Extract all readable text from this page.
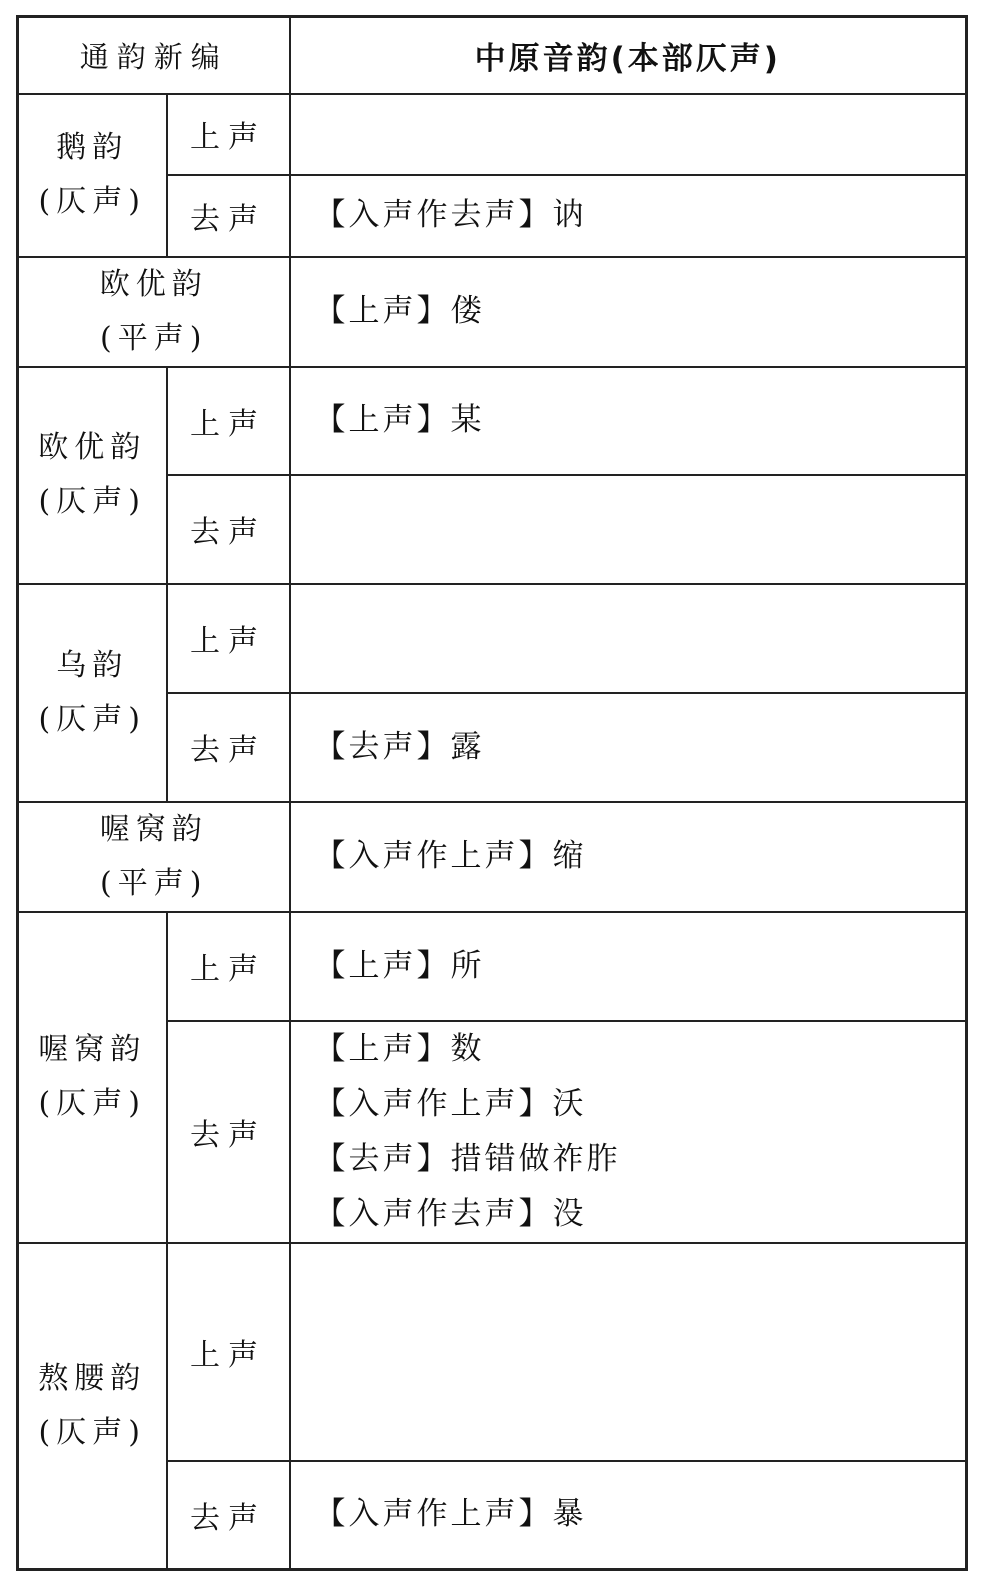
通韵新编		中原音韵(本部仄声)

鹅韵
(仄声)	上声	
	去声	【入声作去声】讷

欧优韵
(平声)		【上声】偻

欧优韵
(仄声)	上声	【上声】某

	去声	

乌韵
(仄声)	上声	
	去声	【去声】露

喔窝韵
(平声)		【入声作上声】缩

喔窝韵
(仄声)	上声	【上声】所

	去声	【上声】数
【入声作上声】沃
【去声】措错做祚胙
【入声作去声】没

熬腰韵
(仄声)	上声	
	去声	【入声作上声】暴
